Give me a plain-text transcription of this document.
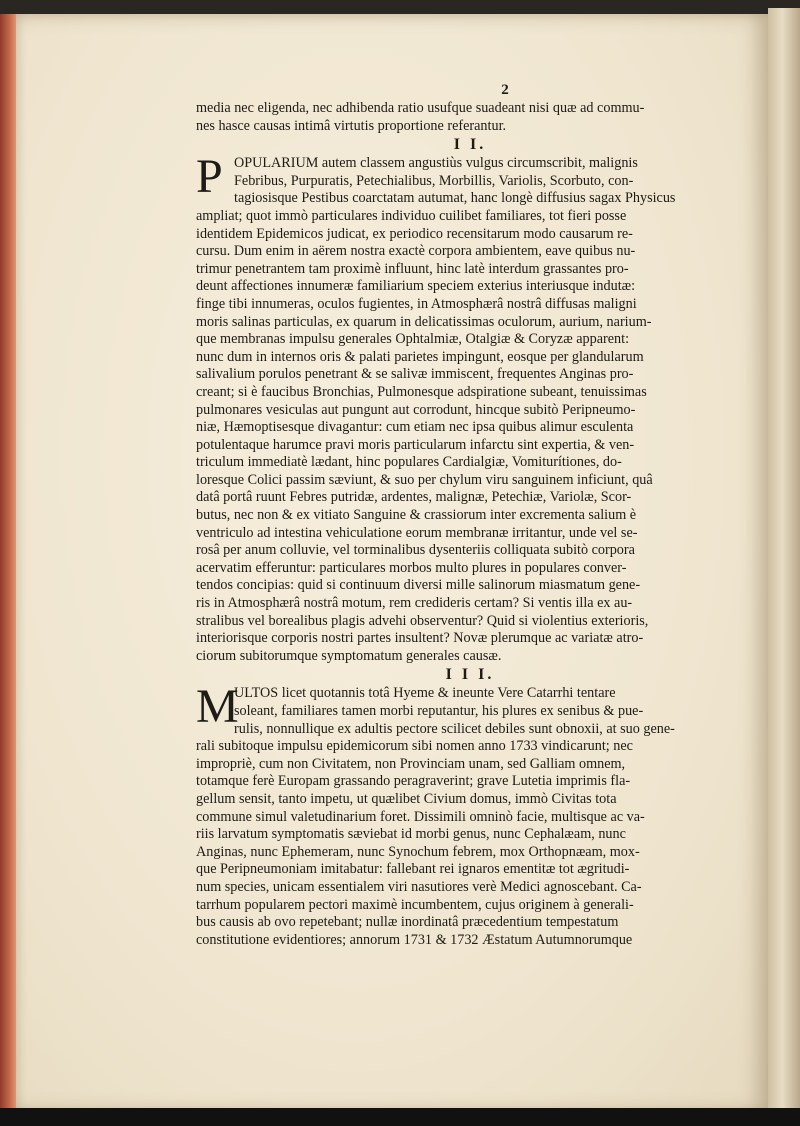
2
media nec eligenda, nec adhibenda ratio usufque suadeant nisi quæ ad commu-
nes hasce causas intimâ virtutis proportione referantur.
I I.
P OPULARIUM autem classem angustiùs vulgus circumscribit, malignis
Febribus, Purpuratis, Petechialibus, Morbillis, Variolis, Scorbuto, con-
tagiosisque Pestibus coarctatam autumat, hanc longè diffusius sagax Physicus
ampliat; quot immò particulares individuo cuilibet familiares, tot fieri posse
identidem Epidemicos judicat, ex periodico recensitarum modo causarum re-
cursu. Dum enim in aërem nostra exactè corpora ambientem, eave quibus nu-
trimur penetrantem tam proximè influunt, hinc latè interdum grassantes pro-
deunt affectiones innumeræ familiarium speciem exterius interiusque indutæ:
finge tibi innumeras, oculos fugientes, in Atmosphærâ nostrâ diffusas maligni
moris salinas particulas, ex quarum in delicatissimas oculorum, aurium, narium-
que membranas impulsu generales Ophtalmiæ, Otalgiæ & Coryzæ apparent:
nunc dum in internos oris & palati parietes impingunt, eosque per glandularum
salivalium porulos penetrant & se salivæ immiscent, frequentes Anginas pro-
creant; si è faucibus Bronchias, Pulmonesque adspiratione subeant, tenuissimas
pulmonares vesiculas aut pungunt aut corrodunt, hincque subitò Peripneumo-
niæ, Hæmoptisesque divagantur: cum etiam nec ipsa quibus alimur esculenta
potulentaque harumce pravi moris particularum infarctu sint expertia, & ven-
triculum immediatè lædant, hinc populares Cardialgiæ, Vomiturítiones, do-
loresque Colici passim sæviunt, & suo per chylum viru sanguinem inficiunt, quâ
datâ portâ ruunt Febres putridæ, ardentes, malignæ, Petechiæ, Variolæ, Scor-
butus, nec non & ex vitiato Sanguine & crassiorum inter excrementa salium è
ventriculo ad intestina vehiculatione eorum membranæ irritantur, unde vel se-
rosâ per anum colluvie, vel torminalibus dysenteriis colliquata subitò corpora
acervatim efferuntur: particulares morbos multo plures in populares conver-
tendos concipias: quid si continuum diversi mille salinorum miasmatum gene-
ris in Atmosphærâ nostrâ motum, rem credideris certam? Si ventis illa ex au-
stralibus vel borealibus plagis advehi observentur? Quid si violentius exterioris,
interiorisque corporis nostri partes insultent? Novæ plerumque ac variatæ atro-
ciorum subitorumque symptomatum generales causæ.
I I I.
M
ULTOS licet quotannis totâ Hyeme & ineunte Vere Catarrhi tentare
soleant, familiares tamen morbi reputantur, his plures ex senibus & pue-
rulis, nonnullique ex adultis pectore scilicet debiles sunt obnoxii, at suo gene-
rali subitoque impulsu epidemicorum sibi nomen anno 1733 vindicarunt; nec
impropriè, cum non Civitatem, non Provinciam unam, sed Galliam omnem,
totamque ferè Europam grassando peragraverint; grave Lutetia imprimis fla-
gellum sensit, tanto impetu, ut quælibet Civium domus, immò Civitas tota
commune simul valetudinarium foret. Dissimili omninò facie, multisque ac va-
riis larvatum symptomatis sæviebat id morbi genus, nunc Cephalæam, nunc
Anginas, nunc Ephemeram, nunc Synochum febrem, mox Orthopnæam, mox-
que Peripneumoniam imitabatur: fallebant rei ignaros ementitæ tot ægritudi-
num species, unicam essentialem viri nasutiores verè Medici agnoscebant. Ca-
tarrhum popularem pectori maximè incumbentem, cujus originem à generali-
bus causis ab ovo repetebant; nullæ inordinatâ præcedentium tempestatum
constitutione evidentiores; annorum 1731 & 1732 Æstatum Autumnorumque
